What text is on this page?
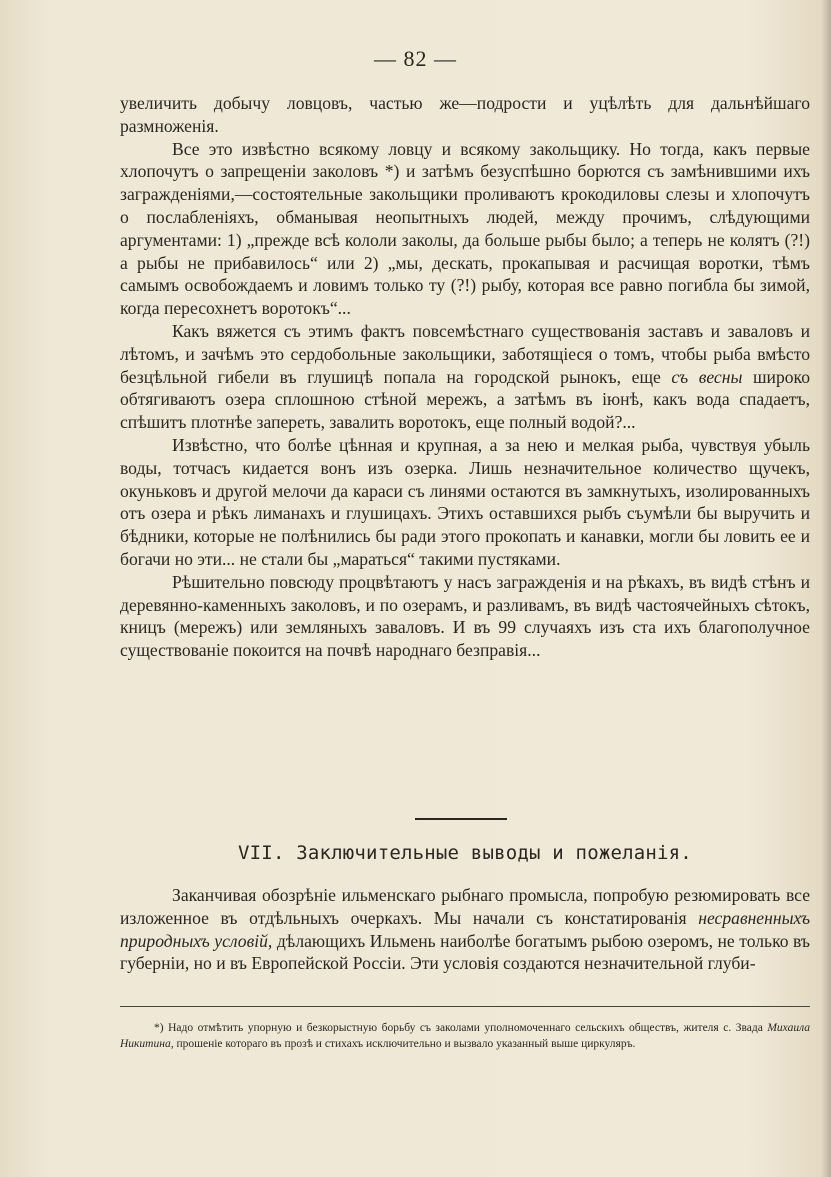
— 82 —

увеличить добычу ловцовъ, частью же—подрости и уцѣлѣть для дальнѣйшаго размноженія.

Все это извѣстно всякому ловцу и всякому закольщику. Но тогда, какъ первые хлопочутъ о запрещеніи заколовъ *) и затѣмъ безуспѣшно борются съ замѣнившими ихъ загражденіями,—состоятельные закольщики проливаютъ крокодиловы слезы и хлопочутъ о послабленіяхъ, обманывая неопытныхъ людей, между прочимъ, слѣдующими аргументами: 1) „прежде всѣ кололи заколы, да больше рыбы было; а теперь не колятъ (?!) а рыбы не прибавилось“ или 2) „мы, дескать, прокапывая и расчищая воротки, тѣмъ самымъ освобождаемъ и ловимъ только ту (?!) рыбу, которая все равно погибла бы зимой, когда пересохнетъ воротокъ“...

Какъ вяжется съ этимъ фактъ повсемѣстнаго существованія заставъ и заваловъ и лѣтомъ, и зачѣмъ это сердобольные закольщики, заботящіеся о томъ, чтобы рыба вмѣсто безцѣльной гибели въ глушицѣ попала на городской рынокъ, еще съ весны широко обтягиваютъ озера сплошною стѣной мережъ, а затѣмъ въ іюнѣ, какъ вода спадаетъ, спѣшитъ плотнѣе запереть, завалить воротокъ, еще полный водой?...

Извѣстно, что болѣе цѣнная и крупная, а за нею и мелкая рыба, чувствуя убыль воды, тотчасъ кидается вонъ изъ озерка. Лишь незначительное количество щучекъ, окуньковъ и другой мелочи да караси съ линями остаются въ замкнутыхъ, изолированныхъ отъ озера и рѣкъ лиманахъ и глушицахъ. Этихъ оставшихся рыбъ съумѣли бы выручить и бѣдники, которые не полѣнились бы ради этого прокопать и канавки, могли бы ловить ее и богачи но эти... не стали бы „мараться“ такими пустяками.

Рѣшительно повсюду процвѣтаютъ у насъ загражденія и на рѣкахъ, въ видѣ стѣнъ и деревянно-каменныхъ заколовъ, и по озерамъ, и разливамъ, въ видѣ частоячейныхъ сѣтокъ, кницъ (мережъ) или земляныхъ заваловъ. И въ 99 случаяхъ изъ ста ихъ благополучное существованіе покоится на почвѣ народнаго безправія...

VII. Заключительные выводы и пожеланія.

Заканчивая обозрѣніе ильменскаго рыбнаго промысла, попробую резюмировать все изложенное въ отдѣльныхъ очеркахъ. Мы начали съ констатированія несравненныхъ природныхъ условій, дѣлающихъ Ильмень наиболѣе богатымъ рыбою озеромъ, не только въ губерніи, но и въ Европейской Россіи. Эти условія создаются незначительной глуби-

*) Надо отмѣтить упорную и безкорыстную борьбу съ заколами уполномоченнаго сельскихъ обществъ, жителя с. Звада Михаила Никитина, прошеніе котораго въ прозѣ и стихахъ исключительно и вызвало указанный выше циркуляръ.
